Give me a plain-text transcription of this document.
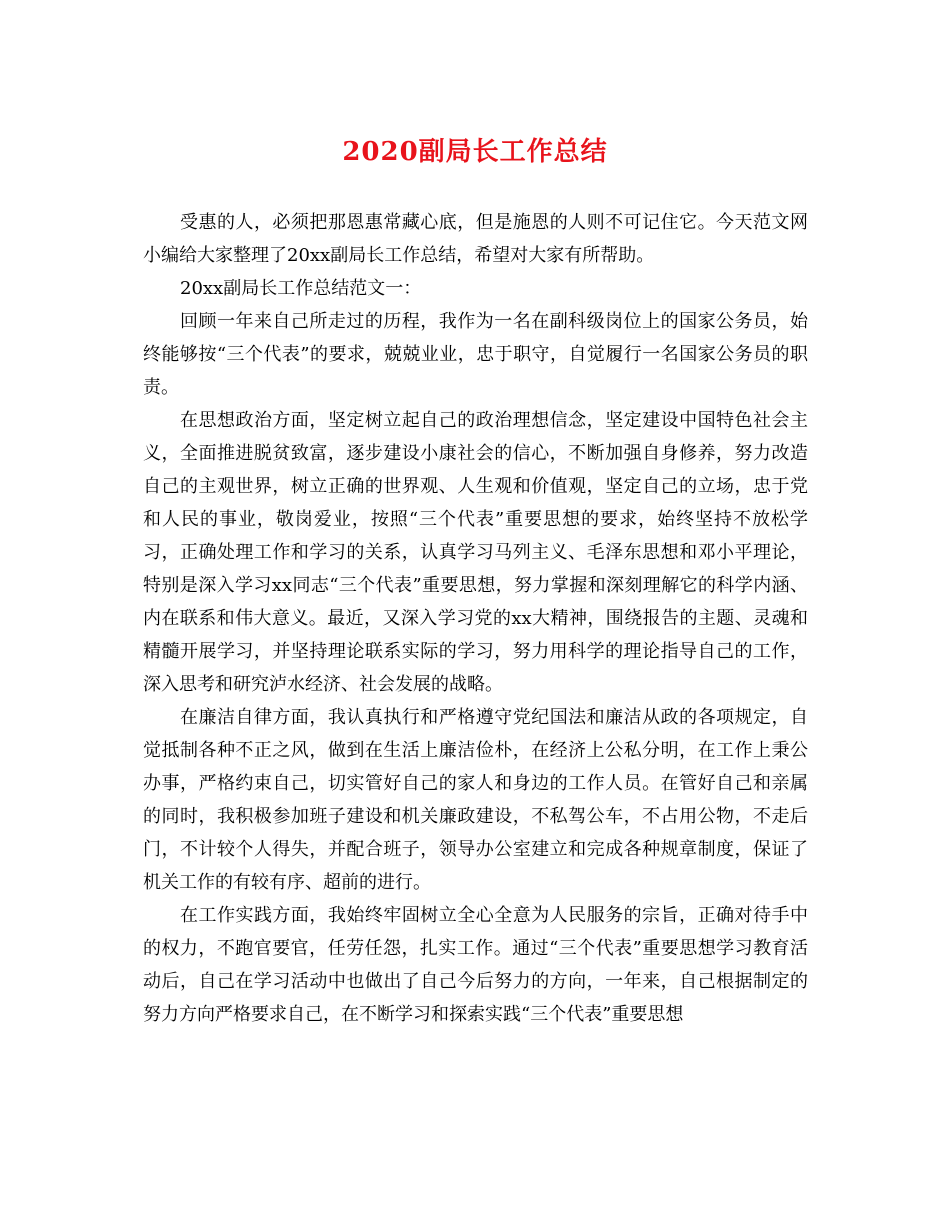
2020副局长工作总结

受惠的人，必须把那恩惠常藏心底，但是施恩的人则不可记住它。今天范文网小编给大家整理了20xx副局长工作总结，希望对大家有所帮助。

20xx副局长工作总结范文一：

回顾一年来自己所走过的历程，我作为一名在副科级岗位上的国家公务员，始终能够按“三个代表”的要求，兢兢业业，忠于职守，自觉履行一名国家公务员的职责。

在思想政治方面，坚定树立起自己的政治理想信念，坚定建设中国特色社会主义，全面推进脱贫致富，逐步建设小康社会的信心，不断加强自身修养，努力改造自己的主观世界，树立正确的世界观、人生观和价值观，坚定自己的立场，忠于党和人民的事业，敬岗爱业，按照“三个代表”重要思想的要求，始终坚持不放松学习，正确处理工作和学习的关系，认真学习马列主义、毛泽东思想和邓小平理论，特别是深入学习xx同志“三个代表”重要思想，努力掌握和深刻理解它的科学内涵、内在联系和伟大意义。最近，又深入学习党的xx大精神，围绕报告的主题、灵魂和精髓开展学习，并坚持理论联系实际的学习，努力用科学的理论指导自己的工作，深入思考和研究泸水经济、社会发展的战略。

在廉洁自律方面，我认真执行和严格遵守党纪国法和廉洁从政的各项规定，自觉抵制各种不正之风，做到在生活上廉洁俭朴，在经济上公私分明，在工作上秉公办事，严格约束自己，切实管好自己的家人和身边的工作人员。在管好自己和亲属的同时，我积极参加班子建设和机关廉政建设，不私驾公车，不占用公物，不走后门，不计较个人得失，并配合班子，领导办公室建立和完成各种规章制度，保证了机关工作的有较有序、超前的进行。

在工作实践方面，我始终牢固树立全心全意为人民服务的宗旨，正确对待手中的权力，不跑官要官，任劳任怨，扎实工作。通过“三个代表”重要思想学习教育活动后，自己在学习活动中也做出了自己今后努力的方向，一年来，自己根据制定的努力方向严格要求自己，在不断学习和探索实践“三个代表”重要思想
